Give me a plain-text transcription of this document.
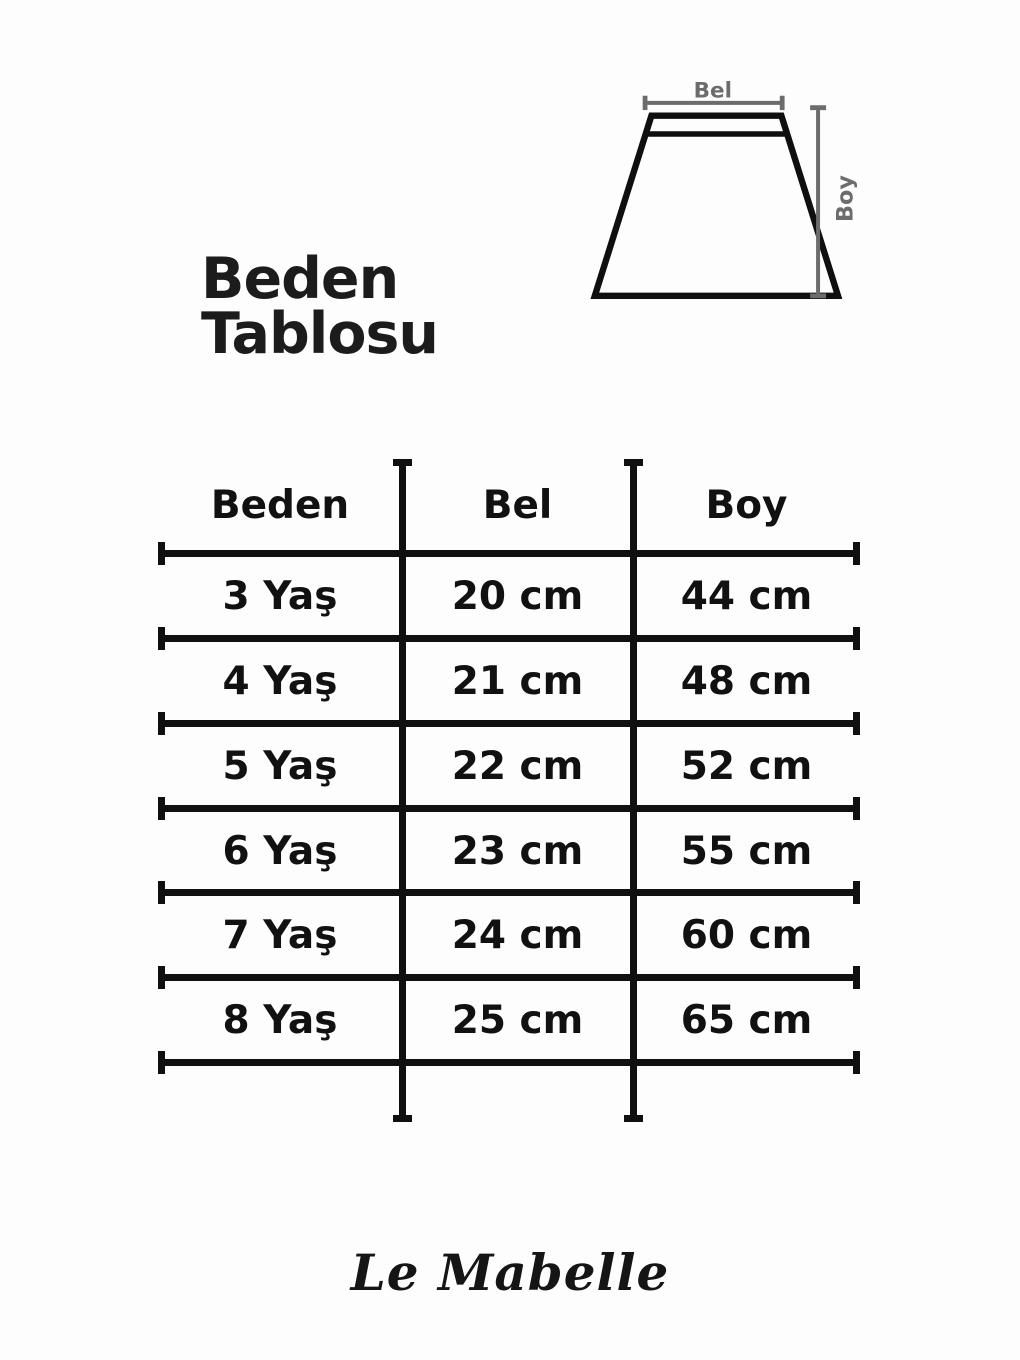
Beden
Tablosu
Bel
Boy
Beden	Bel	Boy
3 Yaş	20 cm	44 cm
4 Yaş	21 cm	48 cm
5 Yaş	22 cm	52 cm
6 Yaş	23 cm	55 cm
7 Yaş	24 cm	60 cm
8 Yaş	25 cm	65 cm
Le Mabelle
